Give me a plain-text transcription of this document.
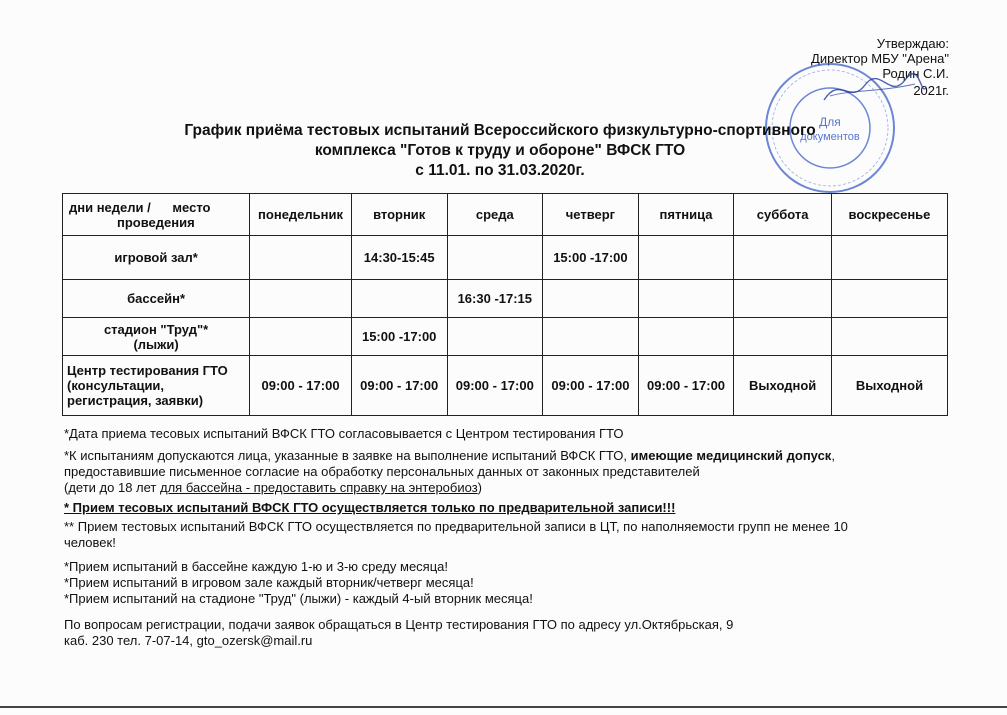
Утверждаю:
Директор МБУ "Арена"
Родин С.И.
2021г.
Для
документов
График приёма тестовых испытаний Всероссийского физкультурно-спортивного
комплекса "Готов к труду и обороне" ВФСК ГТО
с 11.01. по 31.03.2020г.
дни недели /      место
проведения	понедельник	вторник	среда	четверг	пятница	суббота	воскресенье
игровой зал*		14:30-15:45		15:00 -17:00			
бассейн*			16:30 -17:15				
стадион "Труд"*
(лыжи)		15:00 -17:00					
Центр тестирования ГТО (консультации, регистрация, заявки)	09:00 - 17:00	09:00 - 17:00	09:00 - 17:00	09:00 - 17:00	09:00 - 17:00	Выходной	Выходной

*Дата приема тесовых испытаний ВФСК ГТО согласовывается с Центром тестирования ГТО

*К испытаниям допускаются лица, указанные в заявке на выполнение испытаний ВФСК ГТО, имеющие медицинский допуск,

предоставившие письменное согласие на обработку персональных данных от законных представителей

(дети до 18 лет для бассейна - предоставить справку на энтеробиоз)

* Прием тесовых испытаний ВФСК ГТО осуществляется только по предварительной записи!!!

** Прием тестовых испытаний ВФСК ГТО осуществляется по предварительной записи в ЦТ, по наполняемости групп не менее 10

человек!

*Прием испытаний в бассейне каждую 1-ю и 3-ю среду месяца!

*Прием испытаний в игровом зале каждый вторник/четверг месяца!

*Прием испытаний на стадионе "Труд" (лыжи) - каждый 4-ый вторник месяца!

По вопросам регистрации, подачи заявок обращаться в Центр тестирования ГТО по адресу ул.Октябрьская, 9

каб. 230 тел. 7-07-14, gto_ozersk@mail.ru
